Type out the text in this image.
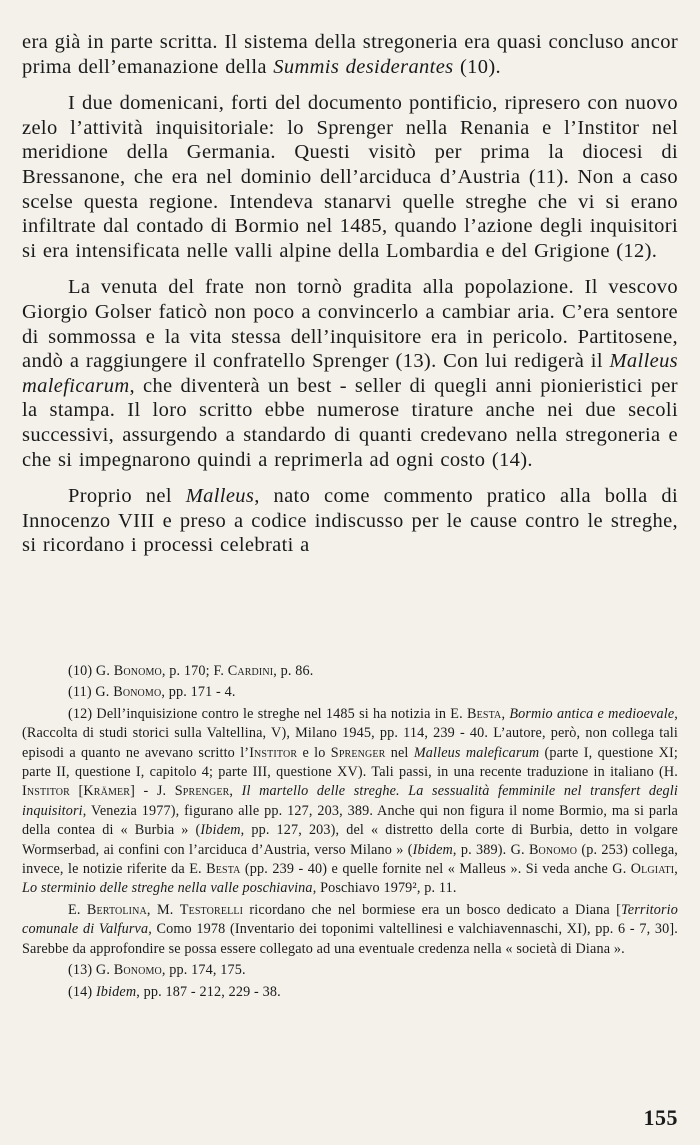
era già in parte scritta. Il sistema della stregoneria era quasi concluso ancor prima dell’emanazione della Summis desiderantes (10).

I due domenicani, forti del documento pontificio, ripresero con nuovo zelo l’attività inquisitoriale: lo Sprenger nella Renania e l’Institor nel meridione della Germania. Questi visitò per prima la diocesi di Bressanone, che era nel dominio dell’arciduca d’Austria (11). Non a caso scelse questa regione. Intendeva stanarvi quelle streghe che vi si erano infiltrate dal contado di Bormio nel 1485, quando l’azione degli inquisitori si era intensificata nelle valli alpine della Lombardia e del Grigione (12).

La venuta del frate non tornò gradita alla popolazione. Il vescovo Giorgio Golser faticò non poco a convincerlo a cambiar aria. C’era sentore di sommossa e la vita stessa dell’inquisitore era in pericolo. Partitosene, andò a raggiungere il confratello Sprenger (13). Con lui redigerà il Malleus maleficarum, che diventerà un best - seller di quegli anni pionieristici per la stampa. Il loro scritto ebbe numerose tirature anche nei due secoli successivi, assurgendo a standardo di quanti credevano nella stregoneria e che si impegnarono quindi a reprimerla ad ogni costo (14).

Proprio nel Malleus, nato come commento pratico alla bolla di Innocenzo VIII e preso a codice indiscusso per le cause contro le streghe, si ricordano i processi celebrati a

(10) G. Bonomo, p. 170; F. Cardini, p. 86.

(11) G. Bonomo, pp. 171 - 4.

(12) Dell’inquisizione contro le streghe nel 1485 si ha notizia in E. Besta, Bormio antica e medioevale, (Raccolta di studi storici sulla Valtellina, V), Milano 1945, pp. 114, 239 - 40. L’autore, però, non collega tali episodi a quanto ne avevano scritto l’Institor e lo Sprenger nel Malleus maleficarum (parte I, questione XI; parte II, questione I, capitolo 4; parte III, questione XV). Tali passi, in una recente traduzione in italiano (H. Institor [Krämer] - J. Sprenger, Il martello delle streghe. La sessualità femminile nel transfert degli inquisitori, Venezia 1977), figurano alle pp. 127, 203, 389. Anche qui non figura il nome Bormio, ma si parla della contea di « Burbia » (Ibidem, pp. 127, 203), del « distretto della corte di Burbia, detto in volgare Wormserbad, ai confini con l’arciduca d’Austria, verso Milano » (Ibidem, p. 389). G. Bonomo (p. 253) collega, invece, le notizie riferite da E. Besta (pp. 239 - 40) e quelle fornite nel « Malleus ». Si veda anche G. Olgiati, Lo sterminio delle streghe nella valle poschiavina, Poschiavo 1979², p. 11.

E. Bertolina, M. Testorelli ricordano che nel bormiese era un bosco dedicato a Diana [Territorio comunale di Valfurva, Como 1978 (Inventario dei toponimi valtellinesi e valchiavennaschi, XI), pp. 6 - 7, 30]. Sarebbe da approfondire se possa essere collegato ad una eventuale credenza nella « società di Diana ».

(13) G. Bonomo, pp. 174, 175.

(14) Ibidem, pp. 187 - 212, 229 - 38.

155
